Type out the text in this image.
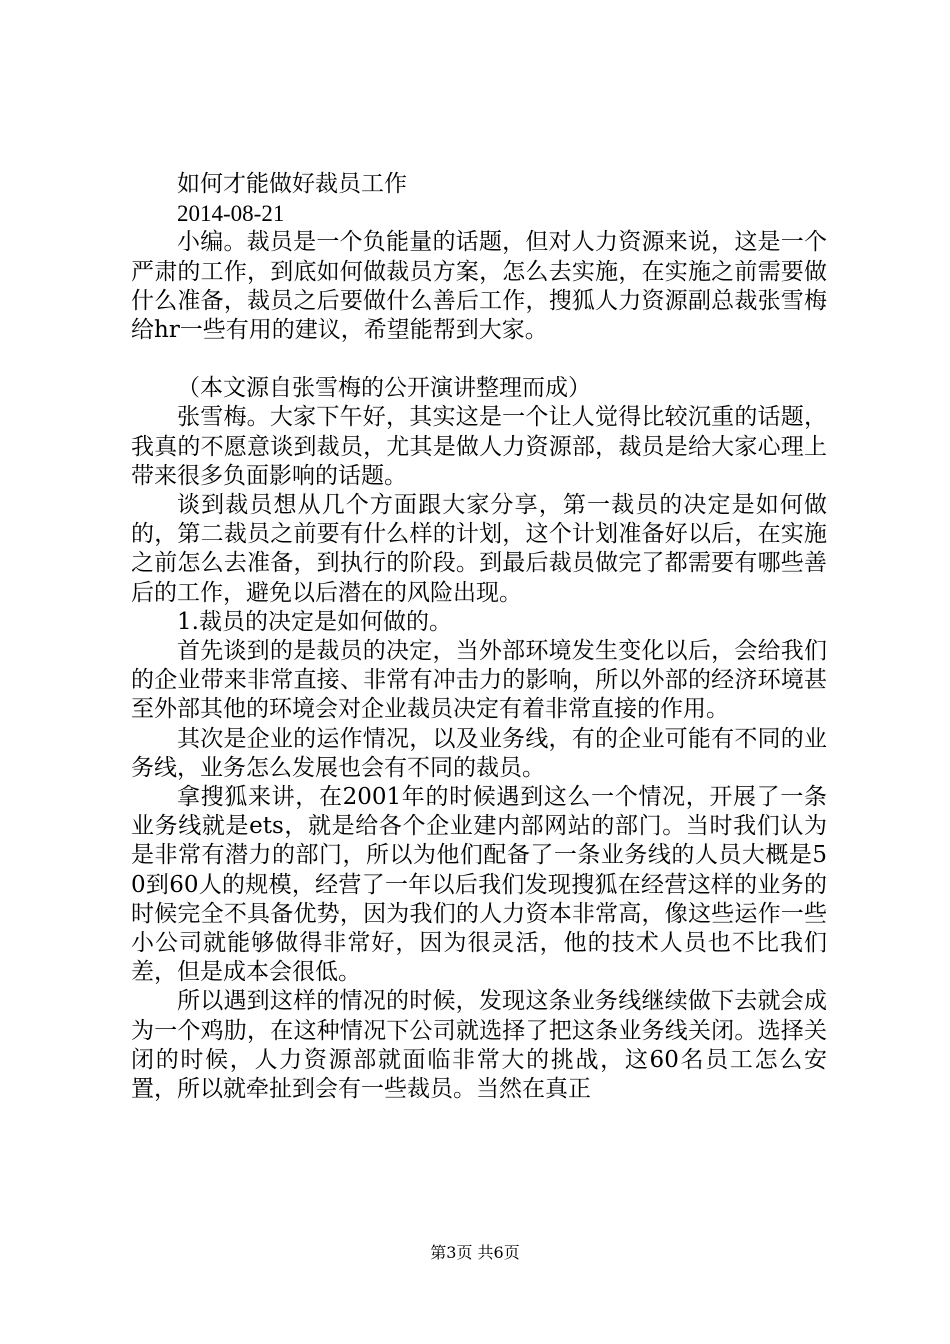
如何才能做好裁员工作

2014-08-21

小编。裁员是一个负能量的话题，但对人力资源来说，这是一个严肃的工作，到底如何做裁员方案，怎么去实施，在实施之前需要做什么准备，裁员之后要做什么善后工作，搜狐人力资源副总裁张雪梅给hr一些有用的建议，希望能帮到大家。

（本文源自张雪梅的公开演讲整理而成）

张雪梅。大家下午好，其实这是一个让人觉得比较沉重的话题，我真的不愿意谈到裁员，尤其是做人力资源部，裁员是给大家心理上带来很多负面影响的话题。

谈到裁员想从几个方面跟大家分享，第一裁员的决定是如何做的，第二裁员之前要有什么样的计划，这个计划准备好以后，在实施之前怎么去准备，到执行的阶段。到最后裁员做完了都需要有哪些善后的工作，避免以后潜在的风险出现。

1.裁员的决定是如何做的。

首先谈到的是裁员的决定，当外部环境发生变化以后，会给我们的企业带来非常直接、非常有冲击力的影响，所以外部的经济环境甚至外部其他的环境会对企业裁员决定有着非常直接的作用。

其次是企业的运作情况，以及业务线，有的企业可能有不同的业务线，业务怎么发展也会有不同的裁员。

拿搜狐来讲，在2001年的时候遇到这么一个情况，开展了一条业务线就是ets，就是给各个企业建内部网站的部门。当时我们认为是非常有潜力的部门，所以为他们配备了一条业务线的人员大概是50到60人的规模，经营了一年以后我们发现搜狐在经营这样的业务的时候完全不具备优势，因为我们的人力资本非常高，像这些运作一些小公司就能够做得非常好，因为很灵活，他的技术人员也不比我们差，但是成本会很低。

所以遇到这样的情况的时候，发现这条业务线继续做下去就会成为一个鸡肋，在这种情况下公司就选择了把这条业务线关闭。选择关闭的时候，人力资源部就面临非常大的挑战，这60名员工怎么安置，所以就牵扯到会有一些裁员。当然在真正

第3页 共6页
